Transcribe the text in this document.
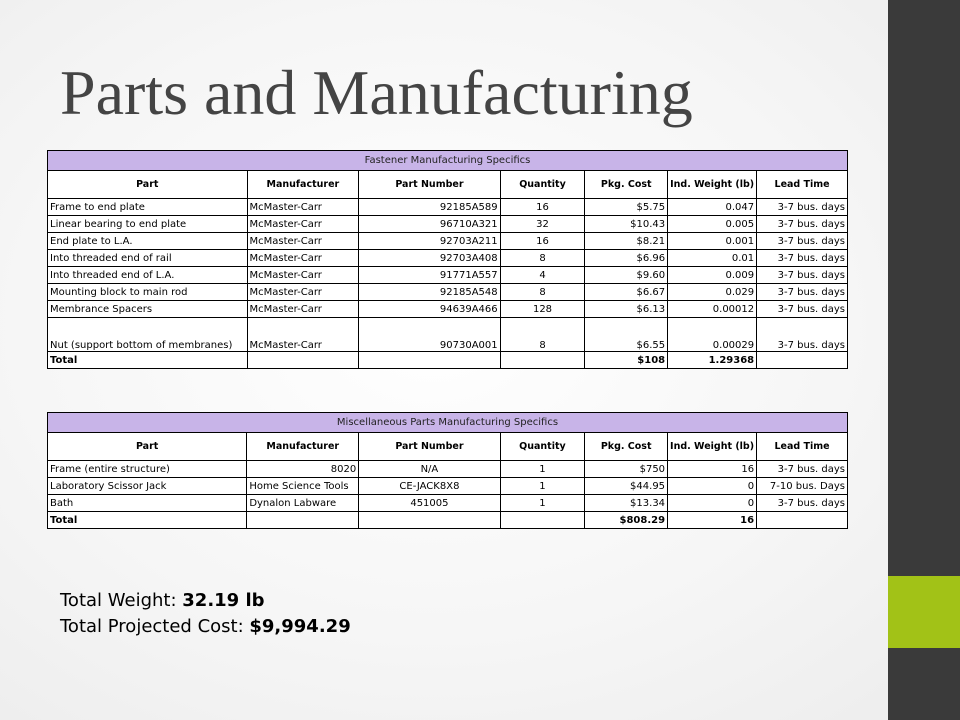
Parts and Manufacturing
Fastener Manufacturing Specifics						
Part	Manufacturer	Part Number	Quantity	Pkg. Cost	Ind. Weight (lb)	Lead Time
Frame to end plate	McMaster-Carr	92185A589	16	$5.75	0.047	3-7 bus. days
Linear bearing to end plate	McMaster-Carr	96710A321	32	$10.43	0.005	3-7 bus. days
End plate to L.A.	McMaster-Carr	92703A211	16	$8.21	0.001	3-7 bus. days
Into threaded end of rail	McMaster-Carr	92703A408	8	$6.96	0.01	3-7 bus. days
Into threaded end of L.A.	McMaster-Carr	91771A557	4	$9.60	0.009	3-7 bus. days
Mounting block to main rod	McMaster-Carr	92185A548	8	$6.67	0.029	3-7 bus. days
Membrance Spacers	McMaster-Carr	94639A466	128	$6.13	0.00012	3-7 bus. days
Nut (support bottom of membranes)	McMaster-Carr	90730A001	8	$6.55	0.00029	3-7 bus. days
Total				$108	1.29368	
Miscellaneous Parts Manufacturing Specifics						
Part	Manufacturer	Part Number	Quantity	Pkg. Cost	Ind. Weight (lb)	Lead Time
Frame (entire structure)	8020	N/A	1	$750	16	3-7 bus. days
Laboratory Scissor Jack	Home Science Tools	CE-JACK8X8	1	$44.95	0	7-10 bus. Days
Bath	Dynalon Labware	451005	1	$13.34	0	3-7 bus. days
Total				$808.29	16	
Total Weight: 32.19 lb
Total Projected Cost: $9,994.29
